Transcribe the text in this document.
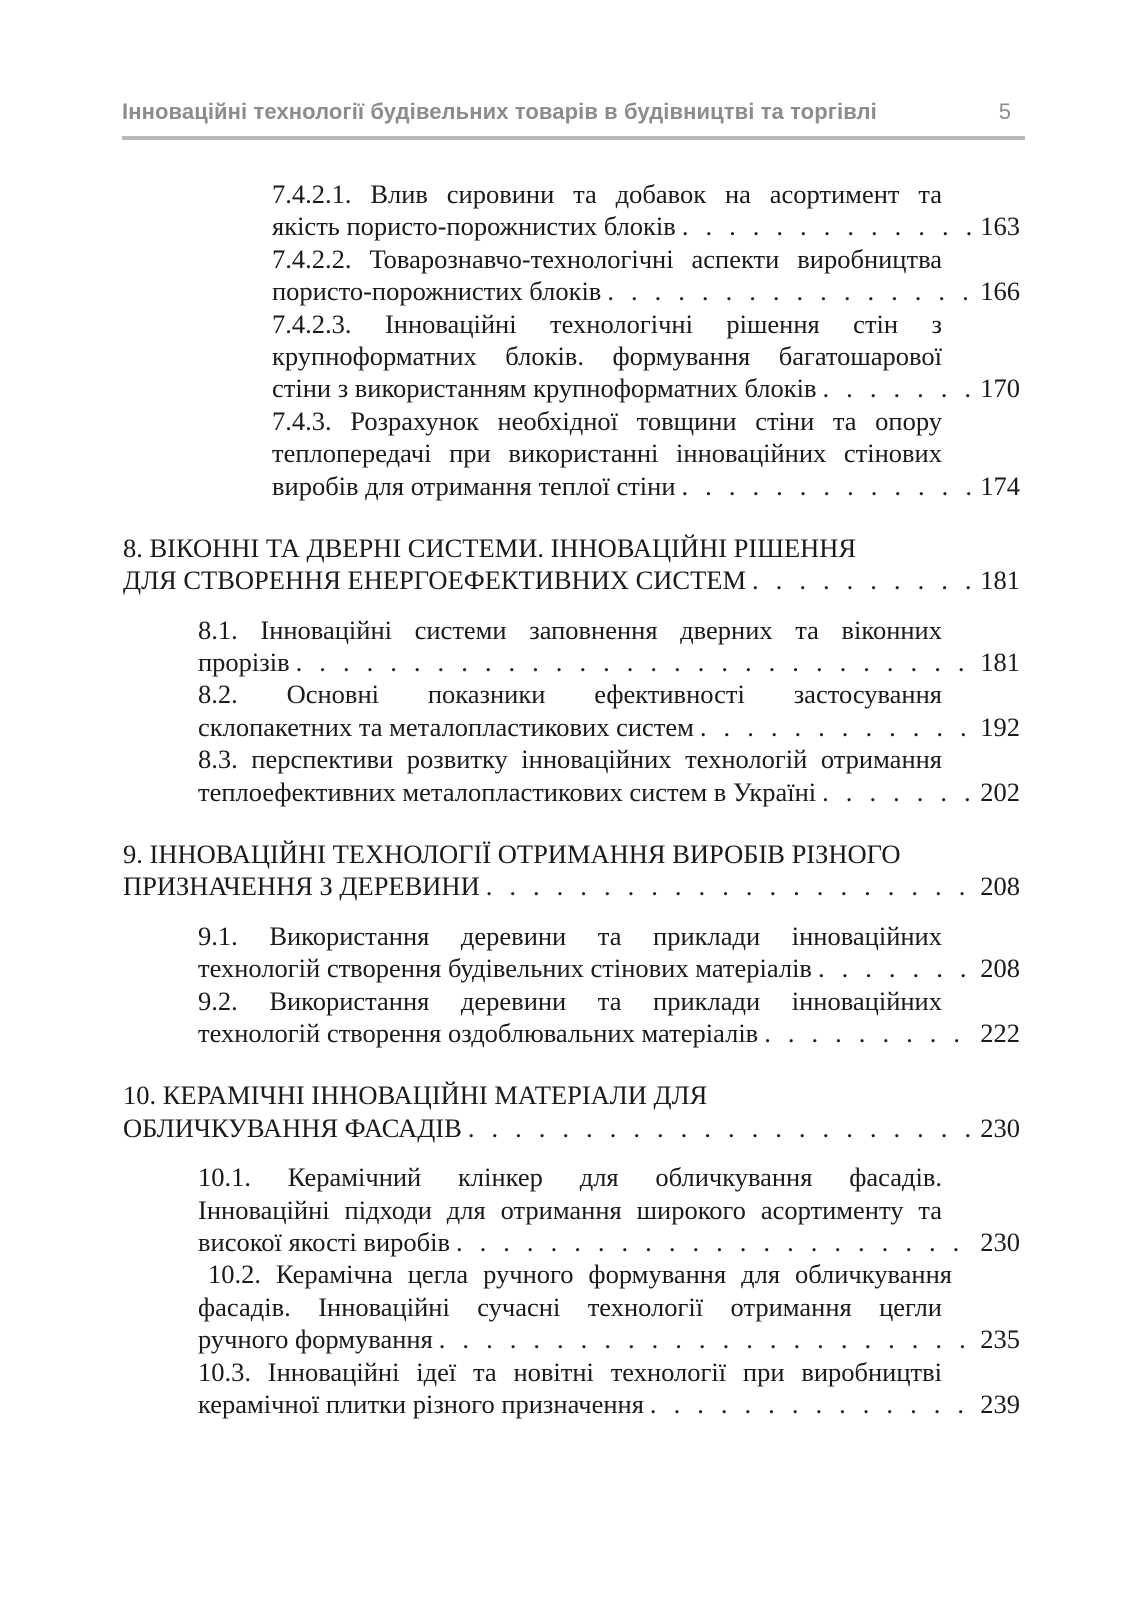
Інноваційні технології будівельних товарів в будівництві та торгівлі	5
7.4.2.1. Влив сировини та добавок на асортимент та
якість пористо-порожнистих блоків . . .	163
7.4.2.2. Товарознавчо-технологічні аспекти виробництва
пористо-порожнистих блоків . . .	166
7.4.2.3. Інноваційні технологічні рішення стін з
крупноформатних блоків. формування багатошарової
стіни з використанням крупноформатних блоків . . .	170
7.4.3. Розрахунок необхідної товщини стіни та опору
теплопередачі при використанні інноваційних стінових
виробів для отримання теплої стіни . . .	174
8. ВІКОННІ ТА ДВЕРНІ СИСТЕМИ. ІННОВАЦІЙНІ РІШЕННЯ
ДЛЯ СТВОРЕННЯ ЕНЕРГОЕФЕКТИВНИХ СИСТЕМ . . .	181
8.1. Інноваційні системи заповнення дверних та віконних
прорізів . . .	181
8.2. Основні показники ефективності застосування
склопакетних та металопластикових систем . . .	192
8.3. перспективи розвитку інноваційних технологій отримання
теплоефективних металопластикових систем в Україні . . .	202
9. ІННОВАЦІЙНІ ТЕХНОЛОГІЇ ОТРИМАННЯ ВИРОБІВ РІЗНОГО
ПРИЗНАЧЕННЯ З ДЕРЕВИНИ . . .	208
9.1. Використання деревини та приклади інноваційних
технологій створення будівельних стінових матеріалів . . .	208
9.2. Використання деревини та приклади інноваційних
технологій створення оздоблювальних матеріалів . . .	222
10. КЕРАМІЧНІ ІННОВАЦІЙНІ МАТЕРІАЛИ ДЛЯ
ОБЛИЧКУВАННЯ ФАСАДІВ . . .	230
10.1. Керамічний клінкер для обличкування фасадів.
Інноваційні підходи для отримання широкого асортименту та
високої якості виробів . . .	230
10.2. Керамічна цегла ручного формування для обличкування
фасадів. Інноваційні сучасні технології отримання цегли
ручного формування . . .	235
10.3. Інноваційні ідеї та новітні технології при виробництві
керамічної плитки різного призначення . . .	239
